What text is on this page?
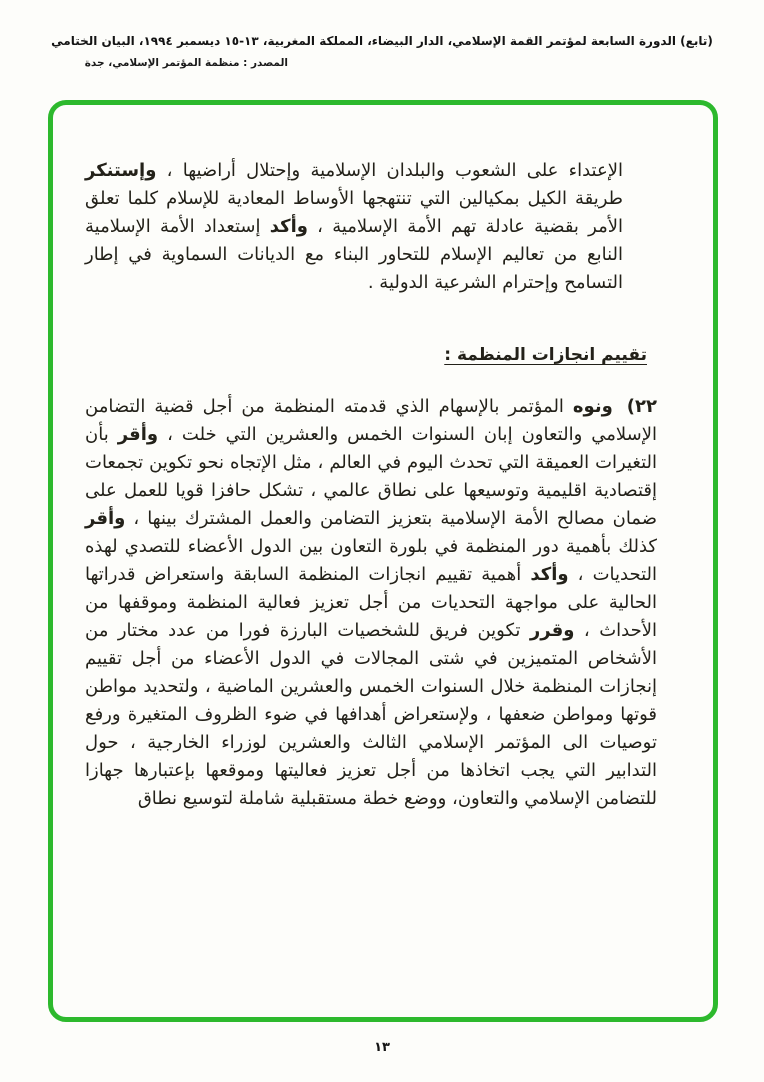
(تابع) الدورة السابعة لمؤتمر القمة الإسلامي، الدار البيضاء، المملكة المغربية، ١٣-١٥ ديسمبر ١٩٩٤، البيان الختامي
المصدر : منظمة المؤتمر الإسلامي، جدة

الإعتداء على الشعوب والبلدان الإسلامية وإحتلال أراضيها ، وإستنكر طريقة الكيل بمكيالين التي تنتهجها الأوساط المعادية للإسلام كلما تعلق الأمر بقضية عادلة تهم الأمة الإسلامية ، وأكد إستعداد الأمة الإسلامية النابع من تعاليم الإسلام للتحاور البناء مع الديانات السماوية في إطار التسامح وإحترام الشرعية الدولية .

تقييم انجازات المنظمة :

٢٢)ونوه المؤتمر بالإسهام الذي قدمته المنظمة من أجل قضية التضامن الإسلامي والتعاون إبان السنوات الخمس والعشرين التي خلت ، وأقر بأن التغيرات العميقة التي تحدث اليوم في العالم ، مثل الإتجاه نحو تكوين تجمعات إقتصادية اقليمية وتوسيعها على نطاق عالمي ، تشكل حافزا قويا للعمل على ضمان مصالح الأمة الإسلامية بتعزيز التضامن والعمل المشترك بينها ، وأقر كذلك بأهمية دور المنظمة في بلورة التعاون بين الدول الأعضاء للتصدي لهذه التحديات ، وأكد أهمية تقييم انجازات المنظمة السابقة واستعراض قدراتها الحالية على مواجهة التحديات من أجل تعزيز فعالية المنظمة وموقفها من الأحداث ، وقرر تكوين فريق للشخصيات البارزة فورا من عدد مختار من الأشخاص المتميزين في شتى المجالات في الدول الأعضاء من أجل تقييم إنجازات المنظمة خلال السنوات الخمس والعشرين الماضية ، ولتحديد مواطن قوتها ومواطن ضعفها ، ولإستعراض أهدافها في ضوء الظروف المتغيرة ورفع توصيات الى المؤتمر الإسلامي الثالث والعشرين لوزراء الخارجية ، حول التدابير التي يجب اتخاذها من أجل تعزيز فعاليتها وموقعها بإعتبارها جهازا للتضامن الإسلامي والتعاون، ووضع خطة مستقبلية شاملة لتوسيع نطاق

١٣
